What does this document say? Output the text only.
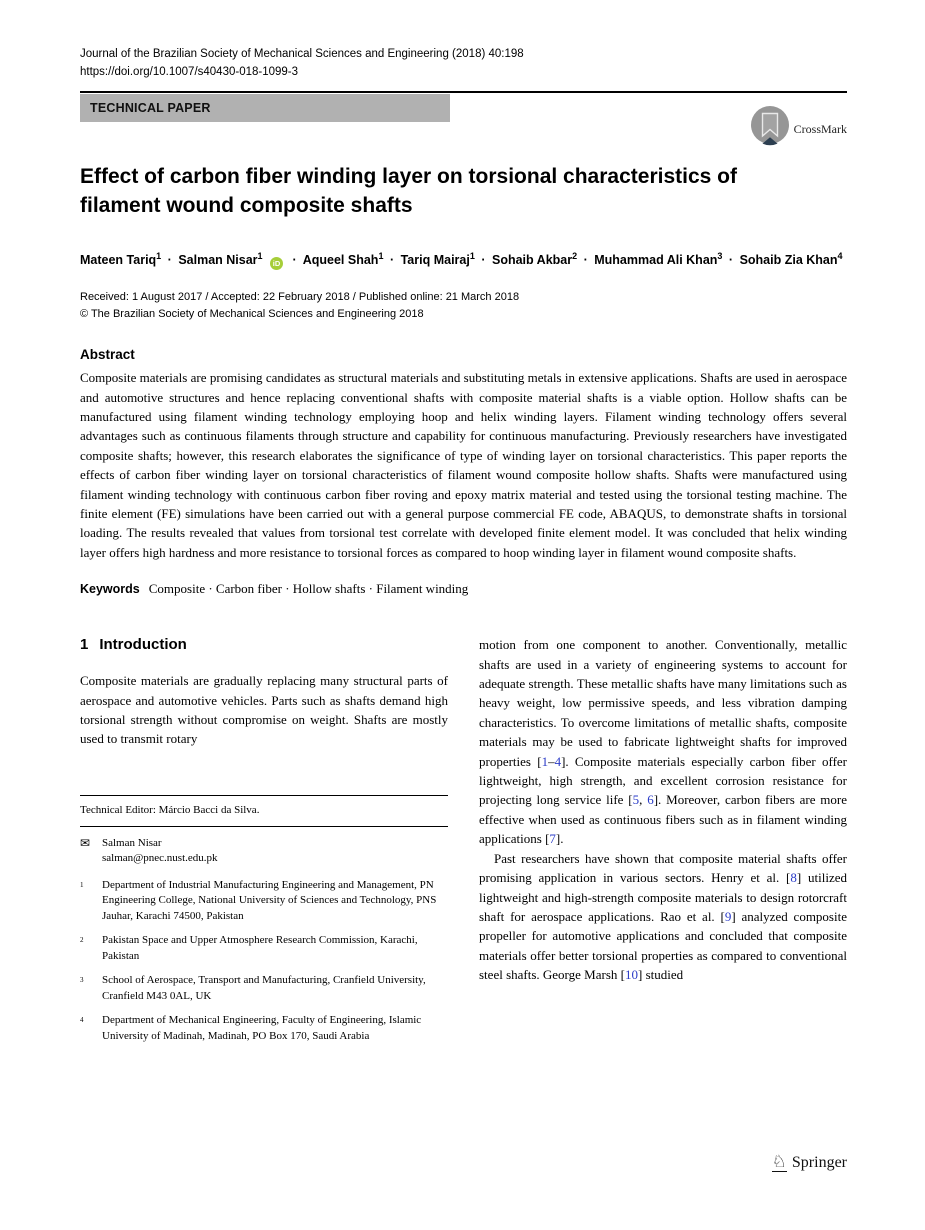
CrossMark
Journal of the Brazilian Society of Mechanical Sciences and Engineering (2018) 40:198
https://doi.org/10.1007/s40430-018-1099-3
TECHNICAL PAPER
Effect of carbon fiber winding layer on torsional characteristics of filament wound composite shafts
Mateen Tariq$^1$ · Salman Nisar$^1$ iD · Aqueel Shah$^1$ · Tariq Mairaj$^1$ · Sohaib Akbar$^2$ · Muhammad Ali Khan$^3$ · Sohaib Zia Khan$^4$
Received: 1 August 2017 / Accepted: 22 February 2018 / Published online: 21 March 2018
© The Brazilian Society of Mechanical Sciences and Engineering 2018
Abstract

Composite materials are promising candidates as structural materials and substituting metals in extensive applications. Shafts are used in aerospace and automotive structures and hence replacing conventional shafts with composite material shafts is a viable option. Hollow shafts can be manufactured using filament winding technology employing hoop and helix winding layers. Filament winding technology offers several advantages such as continuous filaments through structure and capability for continuous manufacturing. Previously researchers have investigated composite shafts; however, this research elaborates the significance of type of winding layer on torsional characteristics. This paper reports the effects of carbon fiber winding layer on torsional characteristics of filament wound composite hollow shafts. Shafts were manufactured using filament winding technology with continuous carbon fiber roving and epoxy matrix material and tested using the torsional testing machine. The finite element (FE) simulations have been carried out with a general purpose commercial FE code, ABAQUS, to demonstrate shafts in torsional loading. The results revealed that values from torsional test correlate with developed finite element model. It was concluded that helix winding layer offers high hardness and more resistance to torsional forces as compared to hoop winding layer in filament wound composite shafts.

Keywords Composite · Carbon fiber · Hollow shafts · Filament winding
1 Introduction

Composite materials are gradually replacing many structural parts of aerospace and automotive vehicles. Parts such as shafts demand high torsional strength without compromise on weight. Shafts are mostly used to transmit rotary

Technical Editor: Márcio Bacci da Silva.
✉	Salman Nisar
salman@pnec.nust.edu.pk
$^1$	Department of Industrial Manufacturing Engineering and Management, PN Engineering College, National University of Sciences and Technology, PNS Jauhar, Karachi 74500, Pakistan
$^2$	Pakistan Space and Upper Atmosphere Research Commission, Karachi, Pakistan
$^3$	School of Aerospace, Transport and Manufacturing, Cranfield University, Cranfield M43 0AL, UK
$^4$	Department of Mechanical Engineering, Faculty of Engineering, Islamic University of Madinah, Madinah, PO Box 170, Saudi Arabia

motion from one component to another. Conventionally, metallic shafts are used in a variety of engineering systems to account for adequate strength. These metallic shafts have many limitations such as heavy weight, low permissive speeds, and less vibration damping characteristics. To overcome limitations of metallic shafts, composite materials may be used to fabricate lightweight shafts for improved properties [1–4]. Composite materials especially carbon fiber offer lightweight, high strength, and excellent corrosion resistance for projecting long service life [5, 6]. Moreover, carbon fibers are more effective when used as continuous fibers such as in filament winding applications [7].

Past researchers have shown that composite material shafts offer promising application in various sectors. Henry et al. [8] utilized lightweight and high-strength composite materials to design rotorcraft shaft for aerospace applications. Rao et al. [9] analyzed composite propeller for automotive applications and concluded that composite materials offer better torsional properties as compared to conventional steel shafts. George Marsh [10] studied

♘ Springer
